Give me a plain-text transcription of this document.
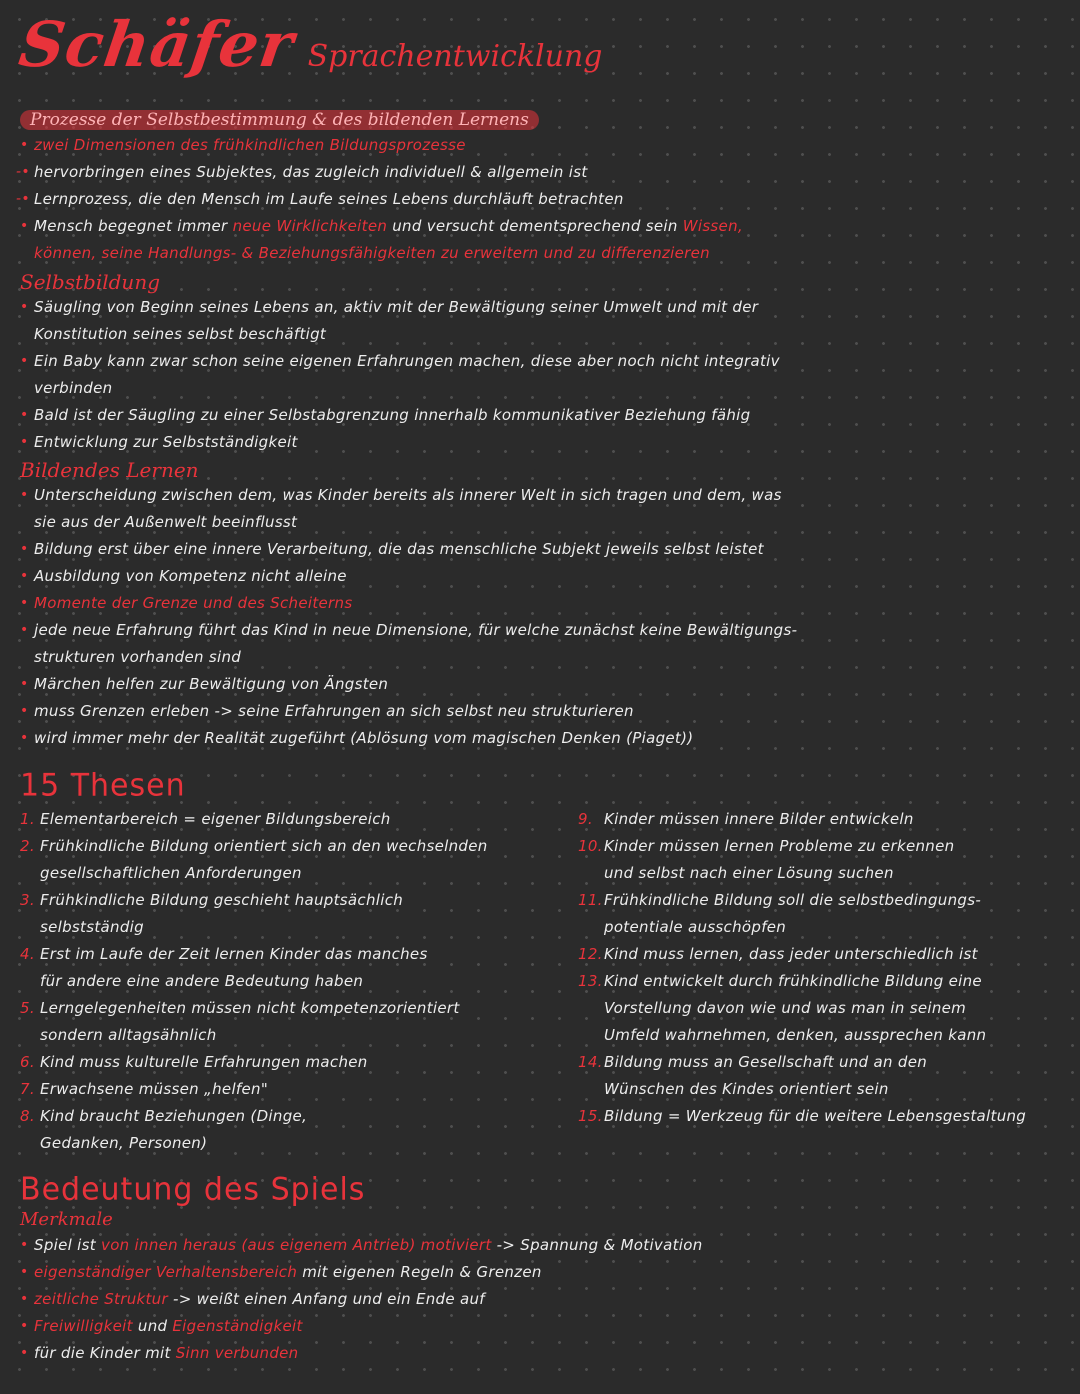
Schäfer Sprachentwicklung
Prozesse der Selbstbestimmung & des bildenden Lernens
• zwei Dimensionen des frühkindlichen Bildungsprozesse
-• hervorbringen eines Subjektes, das zugleich individuell & allgemein ist
-• Lernprozess, die den Mensch im Laufe seines Lebens durchläuft betrachten
• Mensch begegnet immer neue Wirklichkeiten und versucht dementsprechend sein Wissen,
können, seine Handlungs- & Beziehungsfähigkeiten zu erweitern und zu differenzieren
Selbstbildung
• Säugling von Beginn seines Lebens an, aktiv mit der Bewältigung seiner Umwelt und mit der
Konstitution seines selbst beschäftigt
• Ein Baby kann zwar schon seine eigenen Erfahrungen machen, diese aber noch nicht integrativ
verbinden
• Bald ist der Säugling zu einer Selbstabgrenzung innerhalb kommunikativer Beziehung fähig
• Entwicklung zur Selbstständigkeit
Bildendes Lernen
• Unterscheidung zwischen dem, was Kinder bereits als innerer Welt in sich tragen und dem, was
sie aus der Außenwelt beeinflusst
• Bildung erst über eine innere Verarbeitung, die das menschliche Subjekt jeweils selbst leistet
• Ausbildung von Kompetenz nicht alleine
• Momente der Grenze und des Scheiterns
• jede neue Erfahrung führt das Kind in neue Dimensione, für welche zunächst keine Bewältigungs-
strukturen vorhanden sind
• Märchen helfen zur Bewältigung von Ängsten
• muss Grenzen erleben -> seine Erfahrungen an sich selbst neu strukturieren
• wird immer mehr der Realität zugeführt (Ablösung vom magischen Denken (Piaget))
15 Thesen
1. Elementarbereich = eigener Bildungsbereich
2. Frühkindliche Bildung orientiert sich an den wechselnden
gesellschaftlichen Anforderungen
3. Frühkindliche Bildung geschieht hauptsächlich
selbstständig
4. Erst im Laufe der Zeit lernen Kinder das manches
für andere eine andere Bedeutung haben
5. Lerngelegenheiten müssen nicht kompetenzorientiert
sondern alltagsähnlich
6. Kind muss kulturelle Erfahrungen machen
7. Erwachsene müssen „helfen"
8. Kind braucht Beziehungen (Dinge,
Gedanken, Personen)
9. Kinder müssen innere Bilder entwickeln
10.Kinder müssen lernen Probleme zu erkennen
und selbst nach einer Lösung suchen
11.Frühkindliche Bildung soll die selbstbedingungs-
potentiale ausschöpfen
12.Kind muss lernen, dass jeder unterschiedlich ist
13.Kind entwickelt durch frühkindliche Bildung eine
Vorstellung davon wie und was man in seinem
Umfeld wahrnehmen, denken, aussprechen kann
14.Bildung muss an Gesellschaft und an den
Wünschen des Kindes orientiert sein
15.Bildung = Werkzeug für die weitere Lebensgestaltung
Bedeutung des Spiels
Merkmale
• Spiel ist von innen heraus (aus eigenem Antrieb) motiviert -> Spannung & Motivation
• eigenständiger Verhaltensbereich mit eigenen Regeln & Grenzen
• zeitliche Struktur -> weißt einen Anfang und ein Ende auf
• Freiwilligkeit und Eigenständigkeit
• für die Kinder mit Sinn verbunden
